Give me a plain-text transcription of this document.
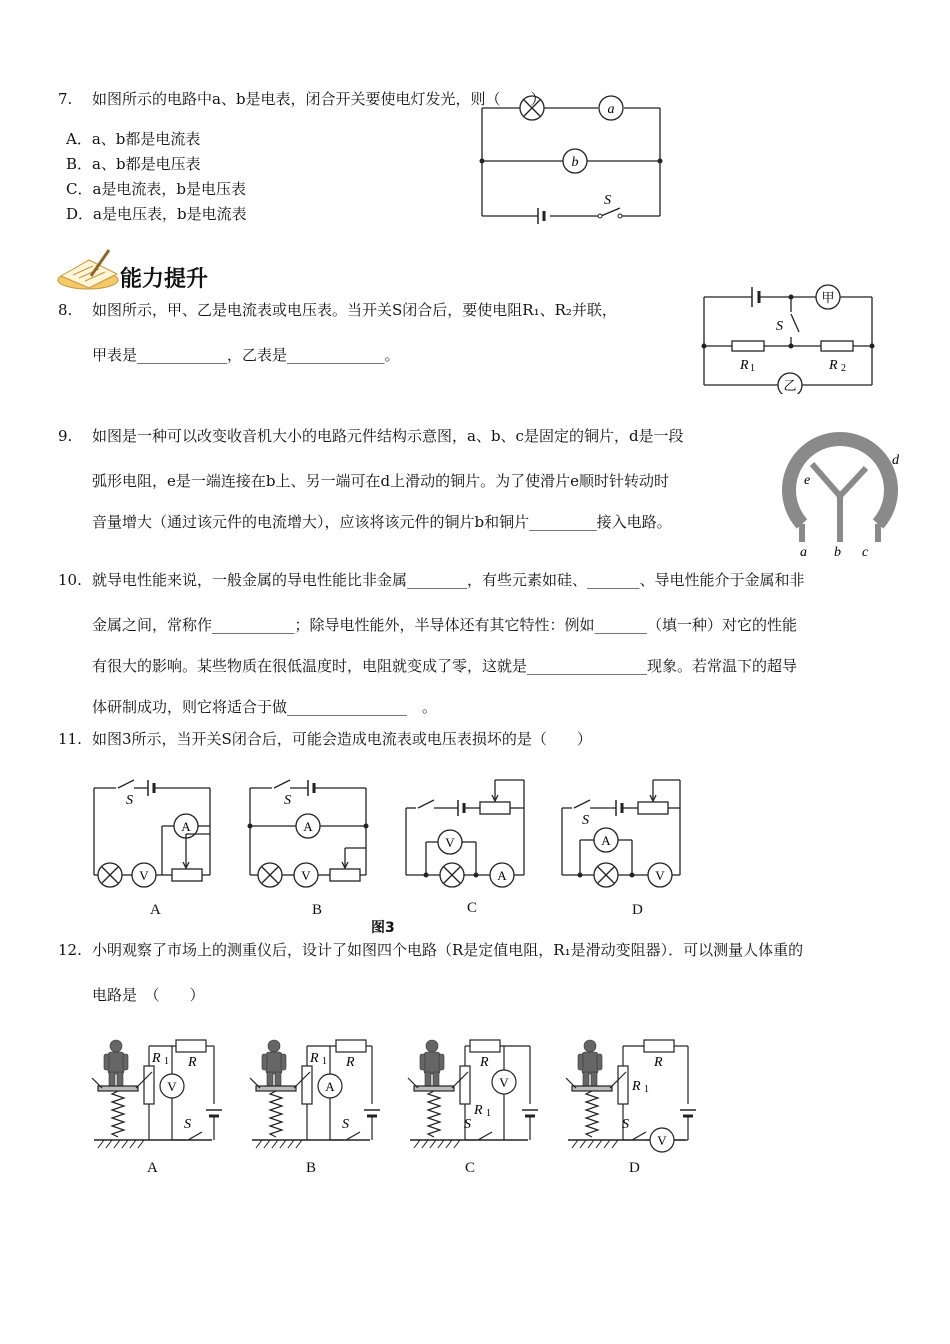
7. 如图所示的电路中a、b是电表，闭合开关要使电灯发光，则（　　）
A．a、b都是电流表
B．a、b都是电压表
C．a是电流表，b是电压表
D．a是电压表，b是电流表
a
b
S
能力提升
8. 如图所示，甲、乙是电流表或电压表。当开关S闭合后，要使电阻R₁、R₂并联，
甲表是____________，乙表是_____________。
甲
乙
S
R 1	R 2
9. 如图是一种可以改变收音机大小的电路元件结构示意图，a、b、c是固定的铜片，d是一段
弧形电阻，e是一端连接在b上、另一端可在d上滑动的铜片。为了使滑片e顺时针转动时
音量增大（通过该元件的电流增大），应该将该元件的铜片b和铜片_________接入电路。
a b c
d
e
10. 就导电性能来说，一般金属的导电性能比非金属________，有些元素如硅、_______、导电性能介于金属和非
金属之间，常称作___________；除导电性能外，半导体还有其它特性：例如_______（填一种）对它的性能
有很大的影响。某些物质在很低温度时，电阻就变成了零，这就是________________现象。若常温下的超导
体研制成功，则它将适合于做________________　。
11. 如图3所示，当开关S闭合后，可能会造成电流表或电压表损坏的是（　　）
A
V
S
A
V
S
V
A
A
V
S
A	B	C	D
图3
12. 小明观察了市场上的测重仪后，设计了如图四个电路（R是定值电阻，R₁是滑动变阻器）．可以测量人体重的
电路是　（　　）
V
R 1 R
S
A
R 1 R
S
V
R 1
R
S
V
R 1
R
S
A	B	C	D
